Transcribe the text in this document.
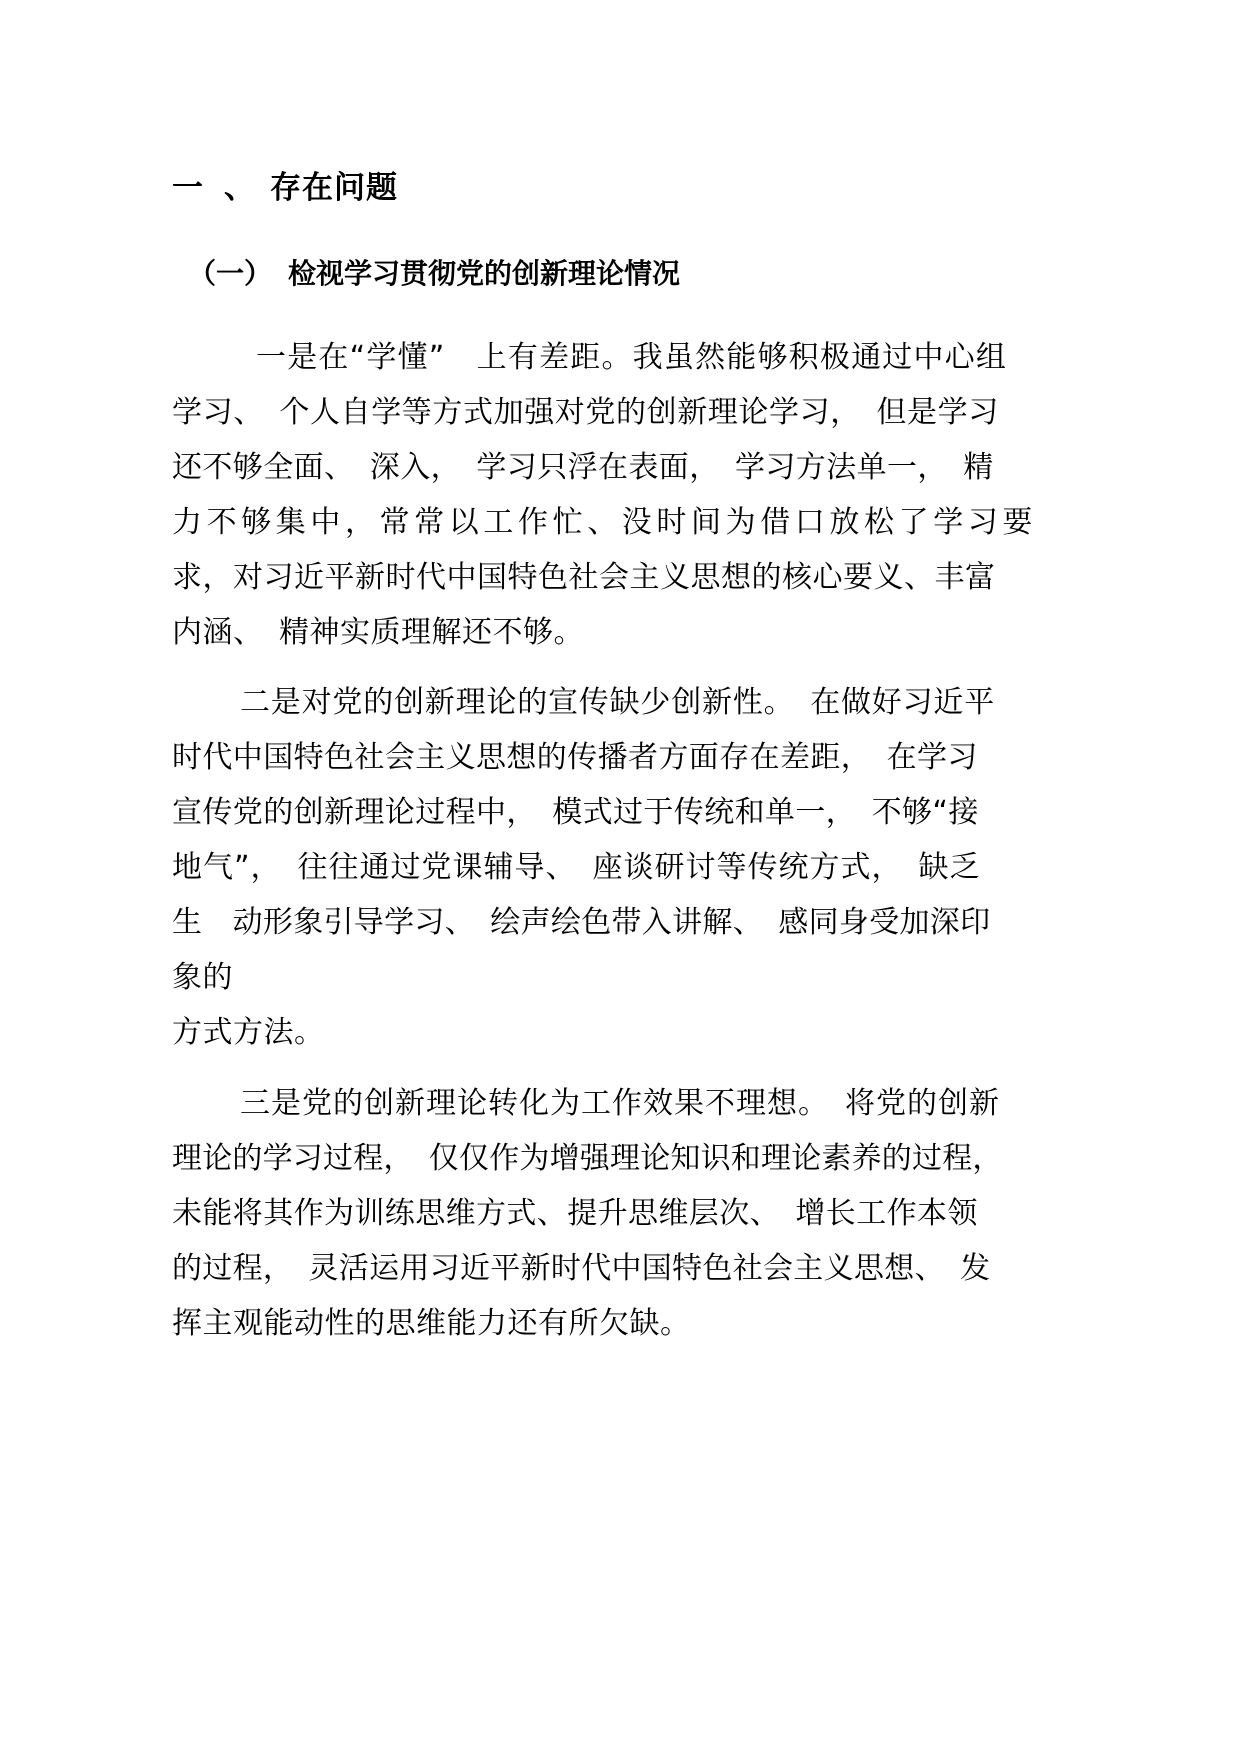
一 、 存在问题
（一） 检视学习贯彻党的创新理论情况
一是在“学懂”　上有差距。我虽然能够积极通过中心组
学习、　个人自学等方式加强对党的创新理论学习，　但是学习
还不够全面、　深入，　学习只浮在表面，　学习方法单一，　精
力不够集中，常常以工作忙、没时间为借口放松了学习要
求，对习近平新时代中国特色社会主义思想的核心要义、丰富
内涵、　精神实质理解还不够。
二是对党的创新理论的宣传缺少创新性。　在做好习近平
时代中国特色社会主义思想的传播者方面存在差距，　在学习
宣传党的创新理论过程中，　模式过于传统和单一，　不够“接
地气”，　往往通过党课辅导、　座谈研讨等传统方式，　缺乏
生　动形象引导学习、　绘声绘色带入讲解、　感同身受加深印
象的
方式方法。
三是党的创新理论转化为工作效果不理想。　将党的创新
理论的学习过程，　仅仅作为增强理论知识和理论素养的过程，
未能将其作为训练思维方式、提升思维层次、　增长工作本领
的过程，　灵活运用习近平新时代中国特色社会主义思想、　发
挥主观能动性的思维能力还有所欠缺。
